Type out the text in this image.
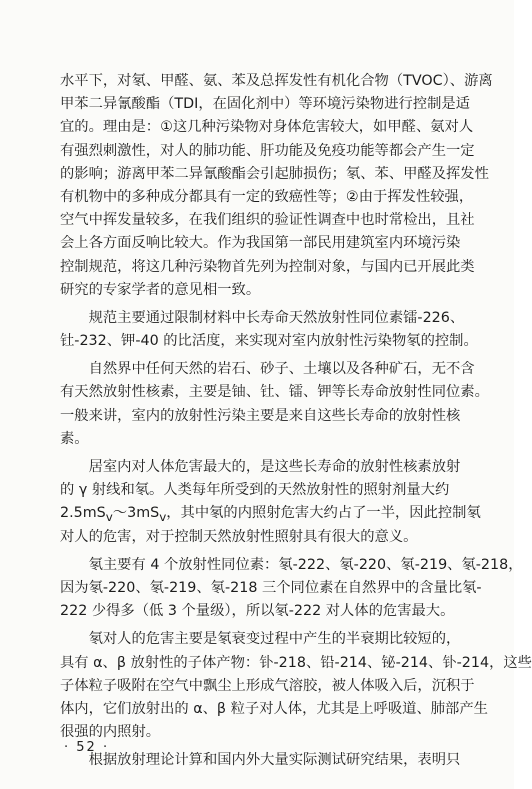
水平下，对氡、甲醛、氨、苯及总挥发性有机化合物（TVOC）、游离
甲苯二异氰酸酯（TDI，在固化剂中）等环境污染物进行控制是适
宜的。理由是：①这几种污染物对身体危害较大，如甲醛、氨对人
有强烈刺激性，对人的肺功能、肝功能及免疫功能等都会产生一定
的影响；游离甲苯二异氰酸酯会引起肺损伤；氡、苯、甲醛及挥发性
有机物中的多种成分都具有一定的致癌性等；②由于挥发性较强，
空气中挥发量较多，在我们组织的验证性调查中也时常检出，且社
会上各方面反响比较大。作为我国第一部民用建筑室内环境污染
控制规范，将这几种污染物首先列为控制对象，与国内已开展此类
研究的专家学者的意见相一致。
　　规范主要通过限制材料中长寿命天然放射性同位素镭-226、
钍-232、钾-40 的比活度，来实现对室内放射性污染物氡的控制。
　　自然界中任何天然的岩石、砂子、土壤以及各种矿石，无不含
有天然放射性核素，主要是铀、钍、镭、钾等长寿命放射性同位素。
一般来讲，室内的放射性污染主要是来自这些长寿命的放射性核
素。
　　居室内对人体危害最大的，是这些长寿命的放射性核素放射
的 γ 射线和氡。人类每年所受到的天然放射性的照射剂量大约
$2.5mS_v\sim 3mS_v$，其中氡的内照射危害大约占了一半，因此控制氡
对人的危害，对于控制天然放射性照射具有很大的意义。
　　氡主要有 4 个放射性同位素：氡-222、氡-220、氡-219、氡-218，
因为氡-220、氡-219、氡-218 三个同位素在自然界中的含量比氡-
222 少得多（低 3 个量级），所以氡-222 对人体的危害最大。
　　氡对人的危害主要是氡衰变过程中产生的半衰期比较短的，
具有 α、β 放射性的子体产物：钋-218、铅-214、铋-214、钋-214，这些
子体粒子吸附在空气中飘尘上形成气溶胶，被人体吸入后，沉积于
体内，它们放射出的 α、β 粒子对人体，尤其是上呼吸道、肺部产生
很强的内照射。
　　根据放射理论计算和国内外大量实际测试研究结果，表明只
· 52 ·
